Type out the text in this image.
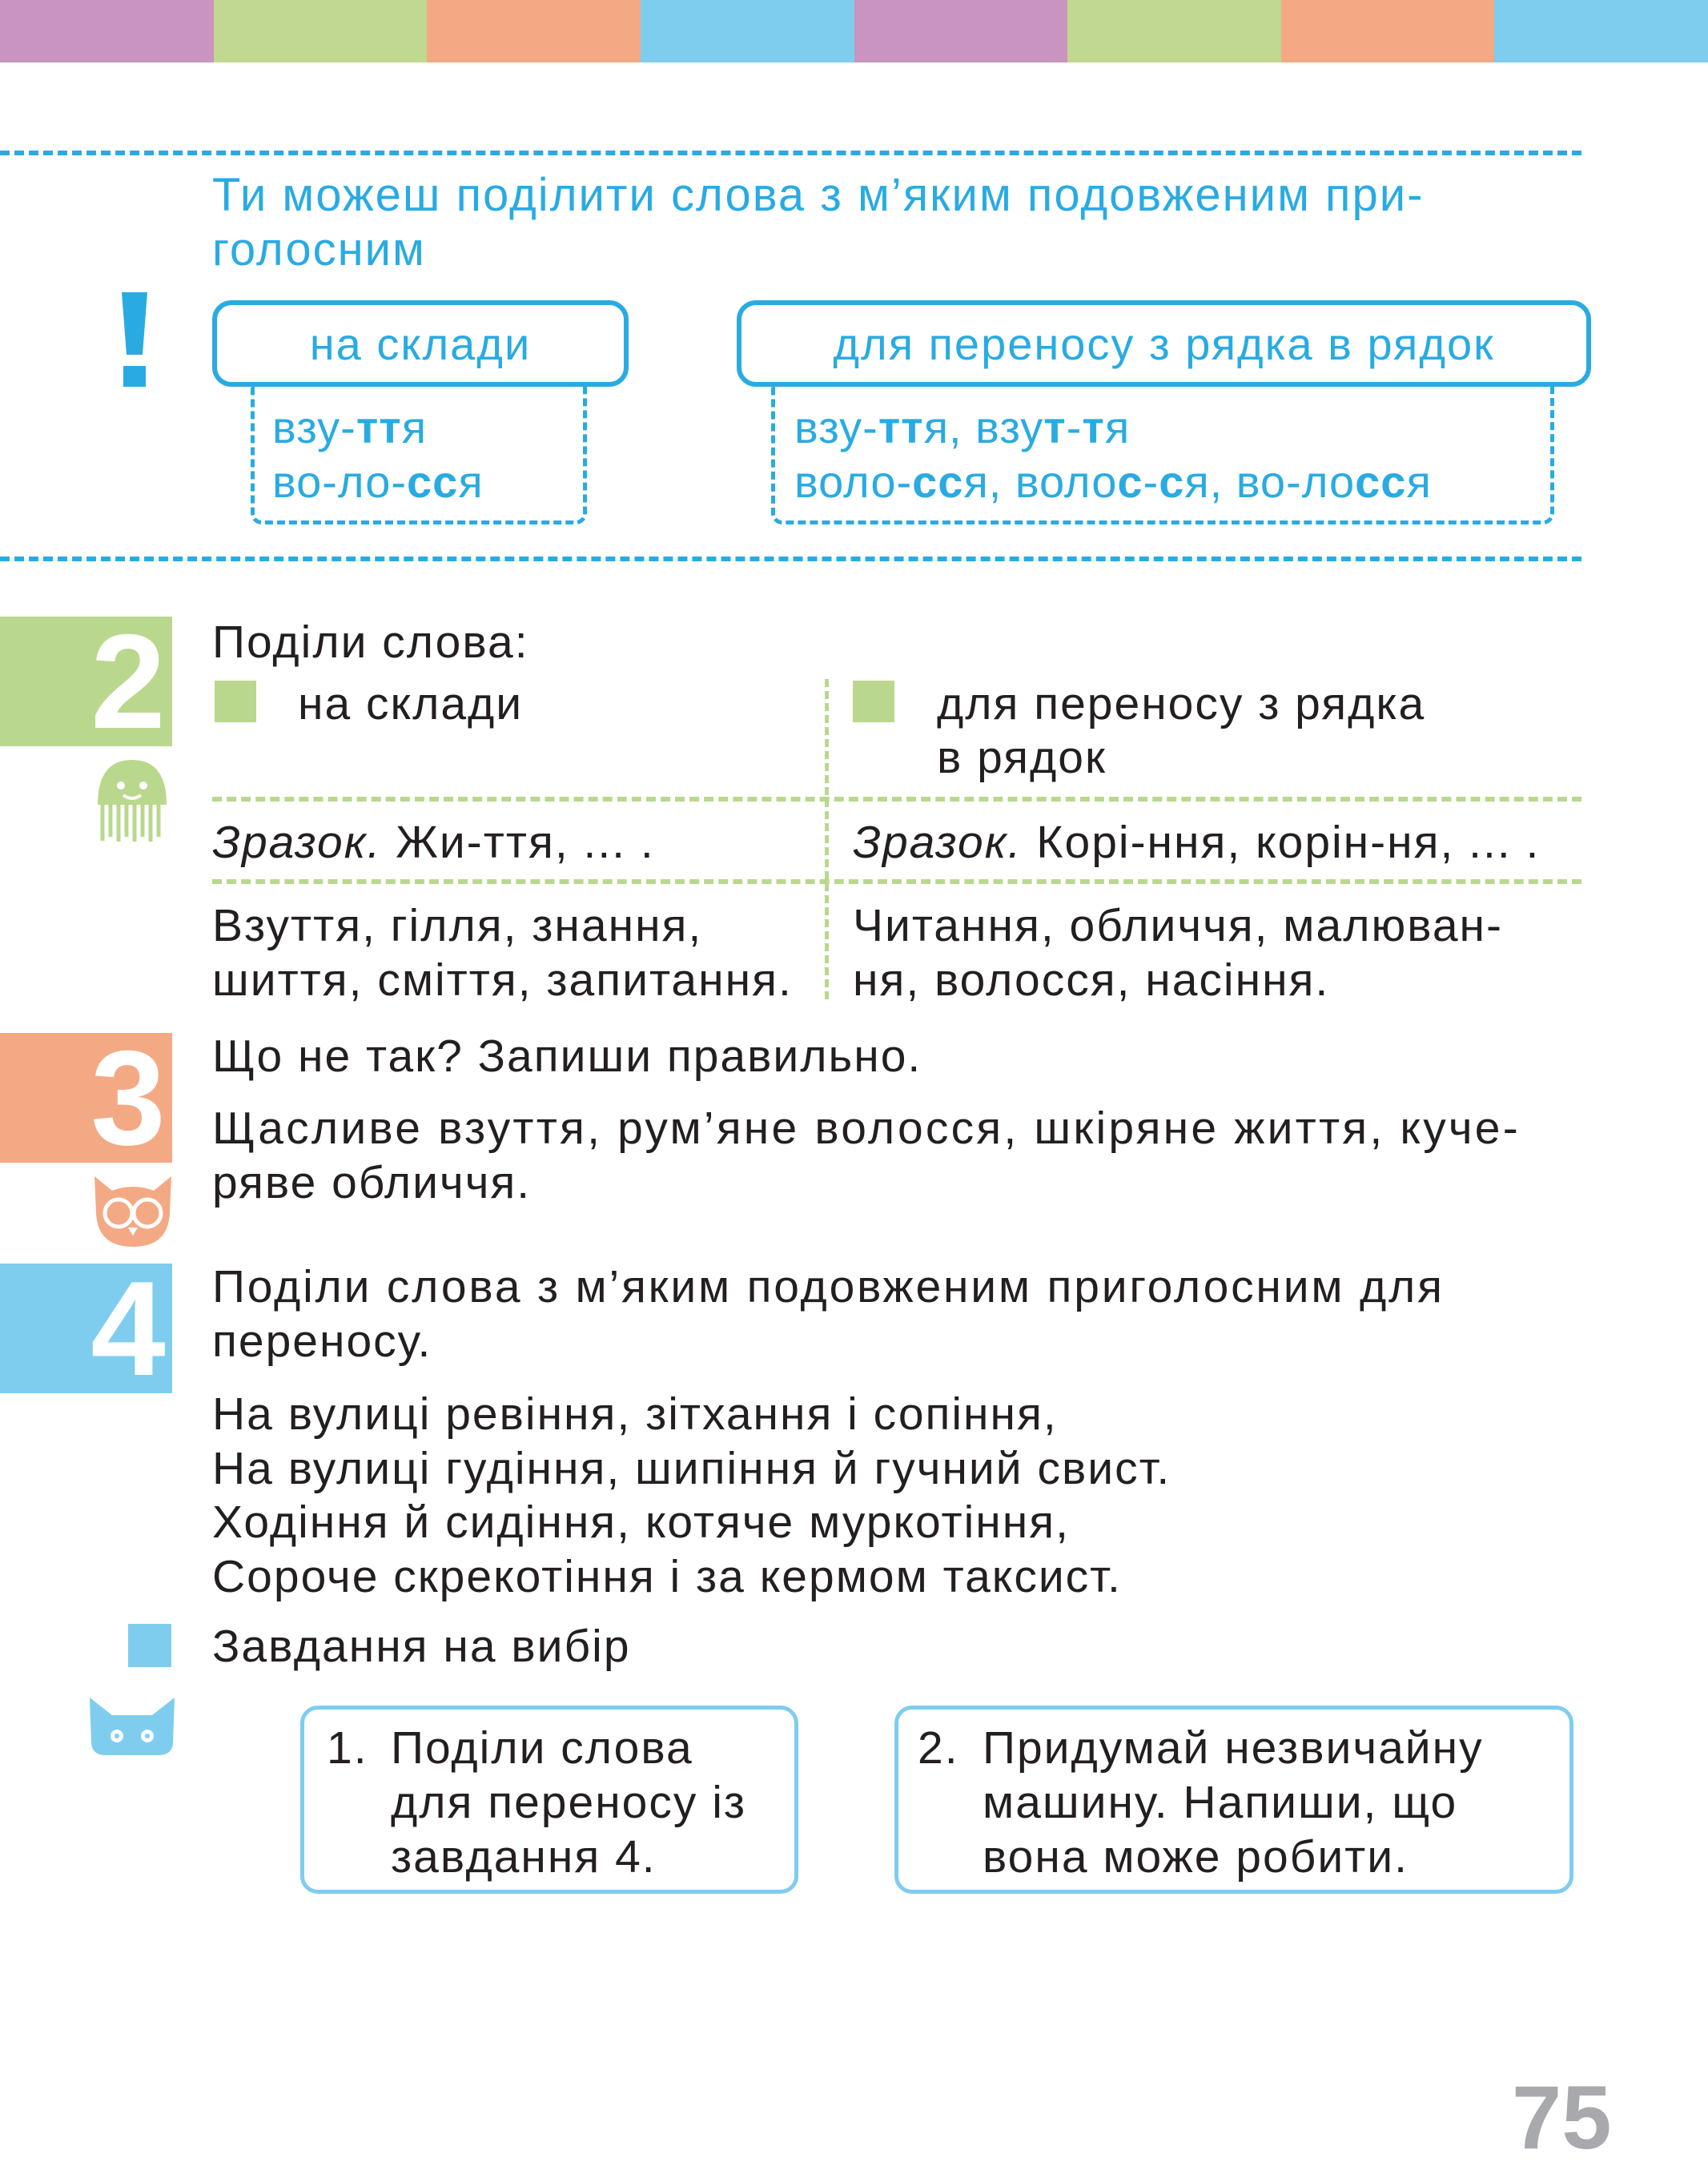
Ти можеш поділити слова з м’яким подовженим при-
голосним
на склади
взу-ття
во-ло-сся
для переносу з рядка в рядок
взу-ття, взут-тя
воло-сся, волос-ся, во-лосся
2 Поділи слова:
на склади	для переносу з рядка
в рядок
Зразок. Жи-ття, ... .	Зразок. Корі-ння, корін-ня, ... .
Взуття, гілля, знання,
шиття, сміття, запитання.
Читання, обличчя, малюван-
ня, волосся, насіння.
3 Що не так? Запиши правильно.
Щасливе взуття, рум’яне волосся, шкіряне життя, куче-
ряве обличчя.
4 Поділи слова з м’яким подовженим приголосним для
переносу.
На вулиці ревіння, зітхання і сопіння,
На вулиці гудіння, шипіння й гучний свист.
Ходіння й сидіння, котяче муркотіння,
Сороче скрекотіння і за кермом таксист.
Завдання на вибір
1. Поділи слова
для переносу із
завдання 4.
2. Придумай незвичайну
машину. Напиши, що
вона може робити.
75
